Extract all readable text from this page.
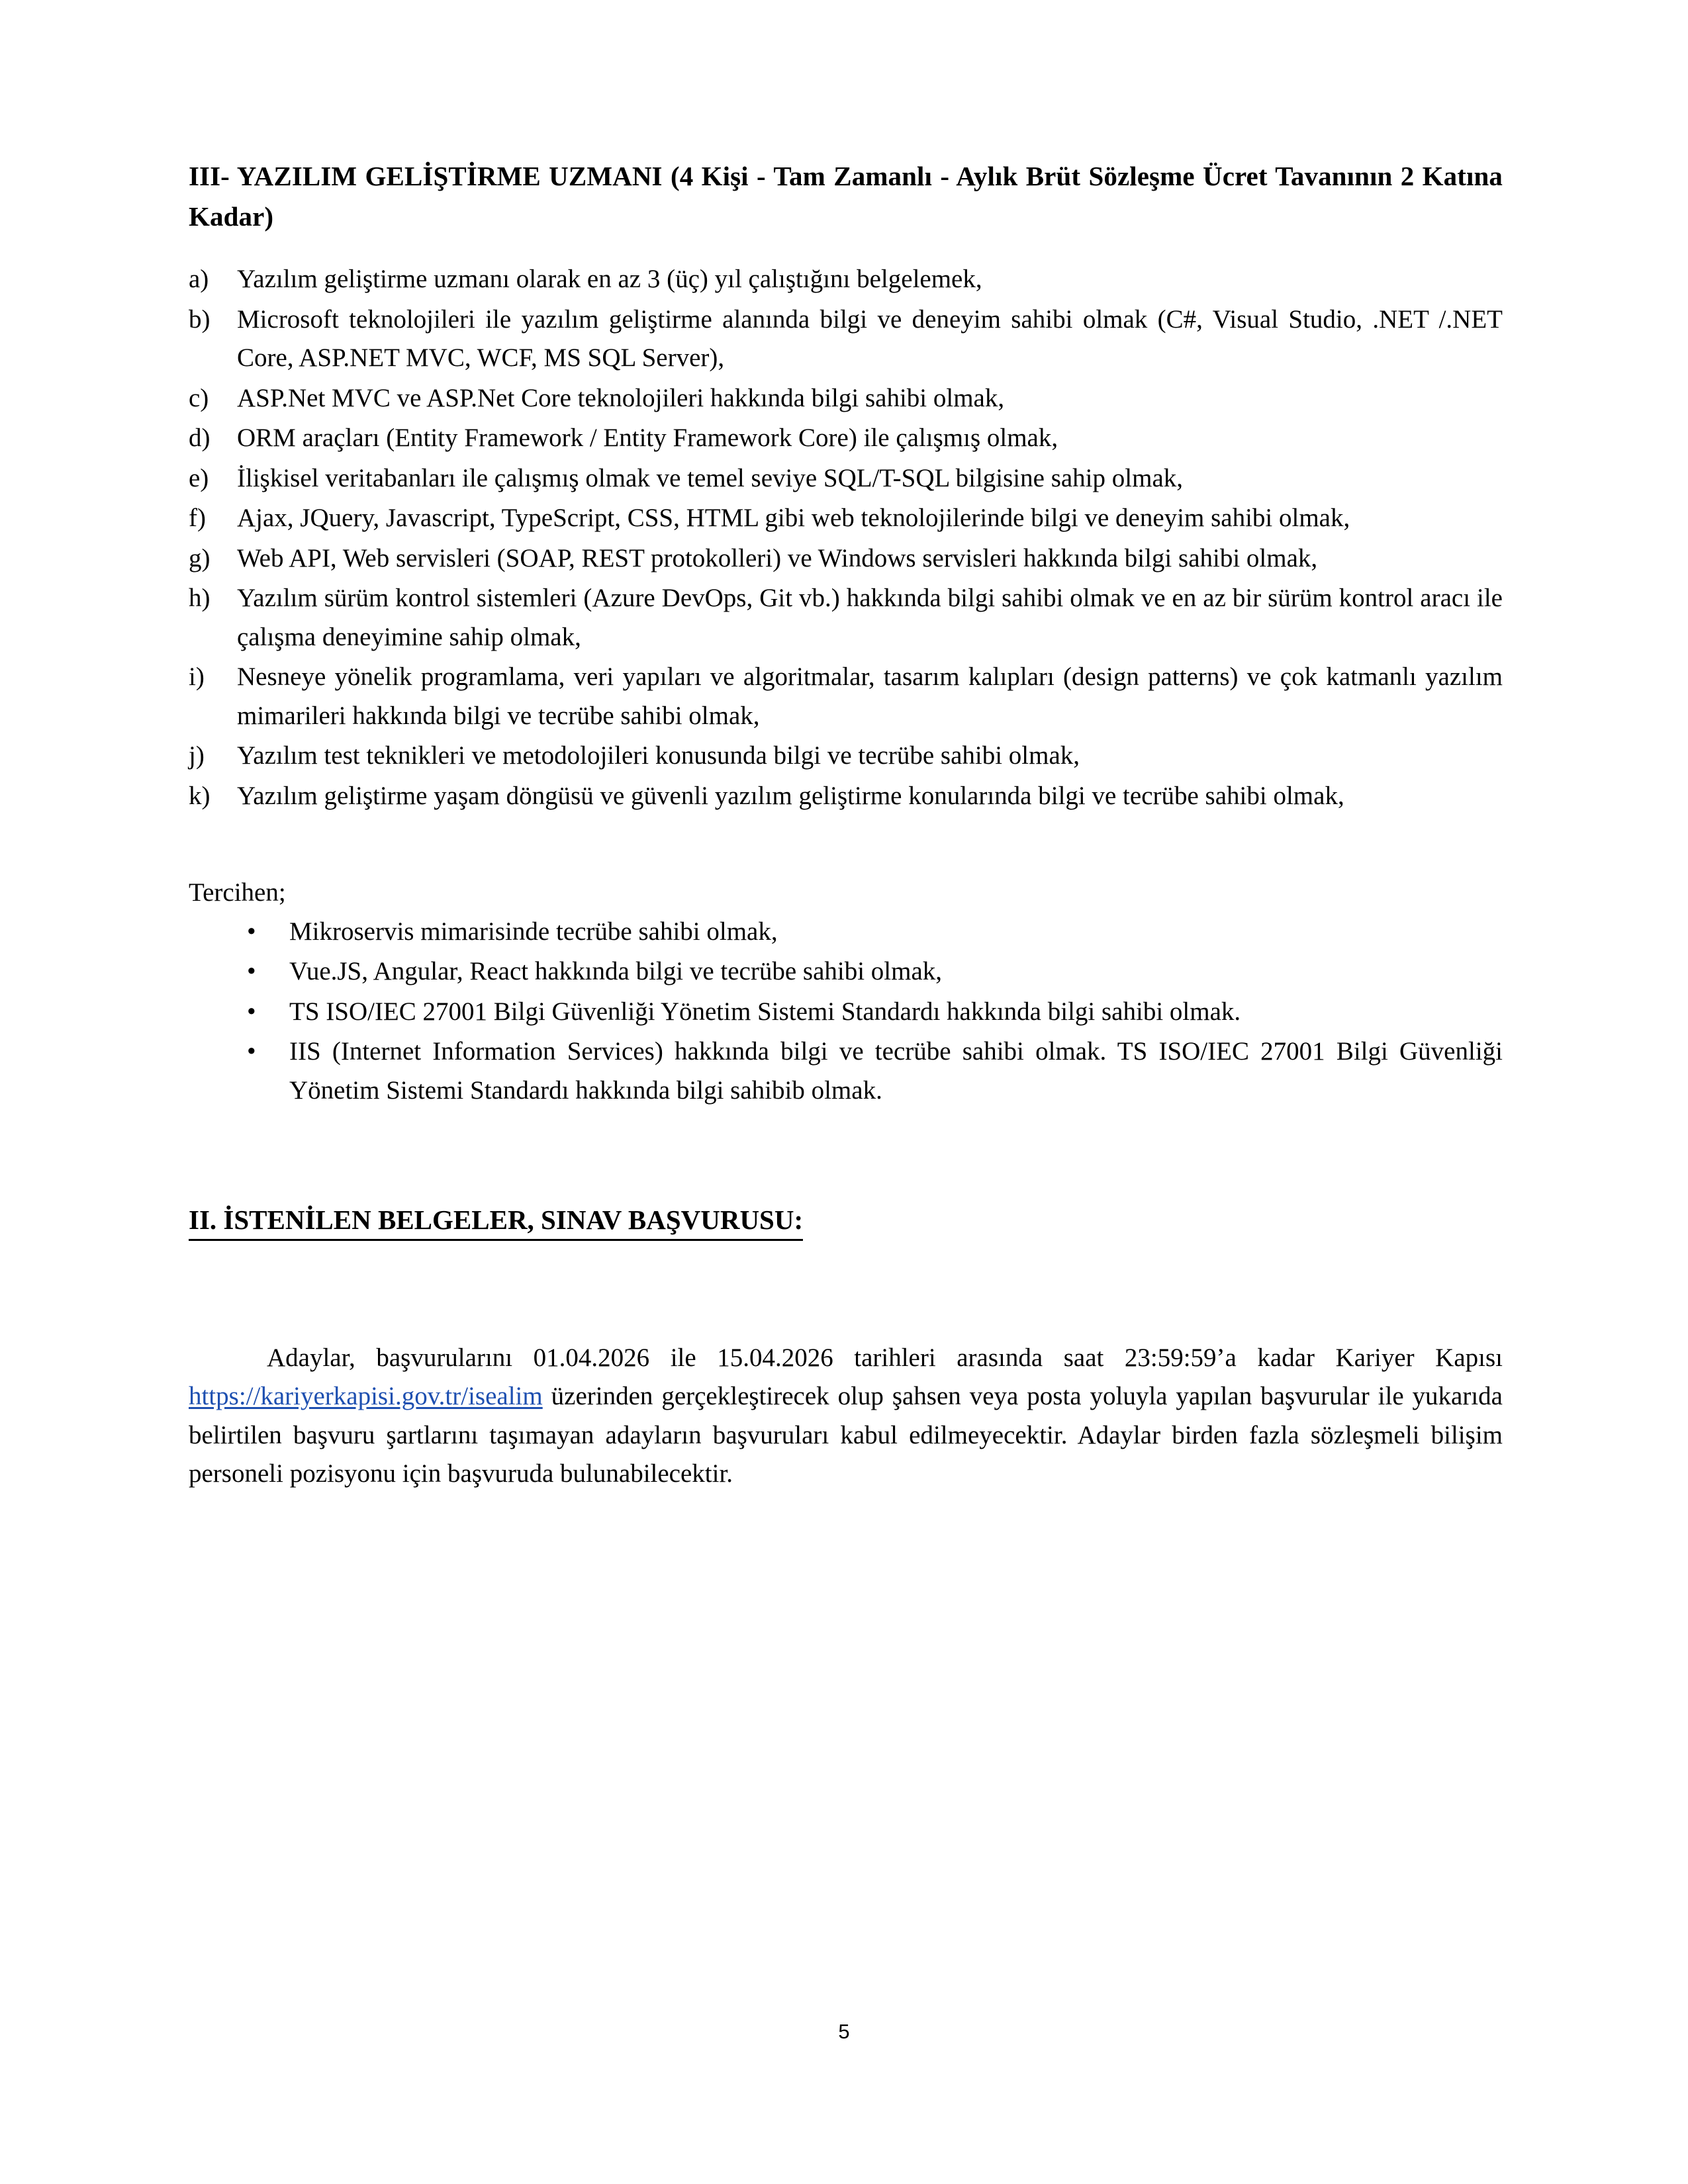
III- YAZILIM GELİŞTİRME UZMANI (4 Kişi - Tam Zamanlı - Aylık Brüt Sözleşme Ücret Tavanının 2 Katına Kadar)
a)	Yazılım geliştirme uzmanı olarak en az 3 (üç) yıl çalıştığını belgelemek,
b)	Microsoft teknolojileri ile yazılım geliştirme alanında bilgi ve deneyim sahibi olmak (C#, Visual Studio, .NET /.NET Core, ASP.NET MVC, WCF, MS SQL Server),
c)	ASP.Net MVC ve ASP.Net Core teknolojileri hakkında bilgi sahibi olmak,
d)	ORM araçları (Entity Framework / Entity Framework Core) ile çalışmış olmak,
e)	İlişkisel veritabanları ile çalışmış olmak ve temel seviye SQL/T-SQL bilgisine sahip olmak,
f)	Ajax, JQuery, Javascript, TypeScript, CSS, HTML gibi web teknolojilerinde bilgi ve deneyim sahibi olmak,
g)	Web API, Web servisleri (SOAP, REST protokolleri) ve Windows servisleri hakkında bilgi sahibi olmak,
h)	Yazılım sürüm kontrol sistemleri (Azure DevOps, Git vb.) hakkında bilgi sahibi olmak ve en az bir sürüm kontrol aracı ile çalışma deneyimine sahip olmak,
i)	Nesneye yönelik programlama, veri yapıları ve algoritmalar, tasarım kalıpları (design patterns) ve çok katmanlı yazılım mimarileri hakkında bilgi ve tecrübe sahibi olmak,
j)	Yazılım test teknikleri ve metodolojileri konusunda bilgi ve tecrübe sahibi olmak,
k)	Yazılım geliştirme yaşam döngüsü ve güvenli yazılım geliştirme konularında bilgi ve tecrübe sahibi olmak,

Tercihen;

• Mikroservis mimarisinde tecrübe sahibi olmak,
• Vue.JS, Angular, React hakkında bilgi ve tecrübe sahibi olmak,
• TS ISO/IEC 27001 Bilgi Güvenliği Yönetim Sistemi Standardı hakkında bilgi sahibi olmak.
• IIS (Internet Information Services) hakkında bilgi ve tecrübe sahibi olmak. TS ISO/IEC 27001 Bilgi Güvenliği Yönetim Sistemi Standardı hakkında bilgi sahibib olmak.
II. İSTENİLEN BELGELER, SINAV BAŞVURUSU:

Adaylar, başvurularını 01.04.2026 ile 15.04.2026 tarihleri arasında saat 23:59:59’a kadar Kariyer Kapısı https://kariyerkapisi.gov.tr/isealim üzerinden gerçekleştirecek olup şahsen veya posta yoluyla yapılan başvurular ile yukarıda belirtilen başvuru şartlarını taşımayan adayların başvuruları kabul edilmeyecektir. Adaylar birden fazla sözleşmeli bilişim personeli pozisyonu için başvuruda bulunabilecektir.

5
